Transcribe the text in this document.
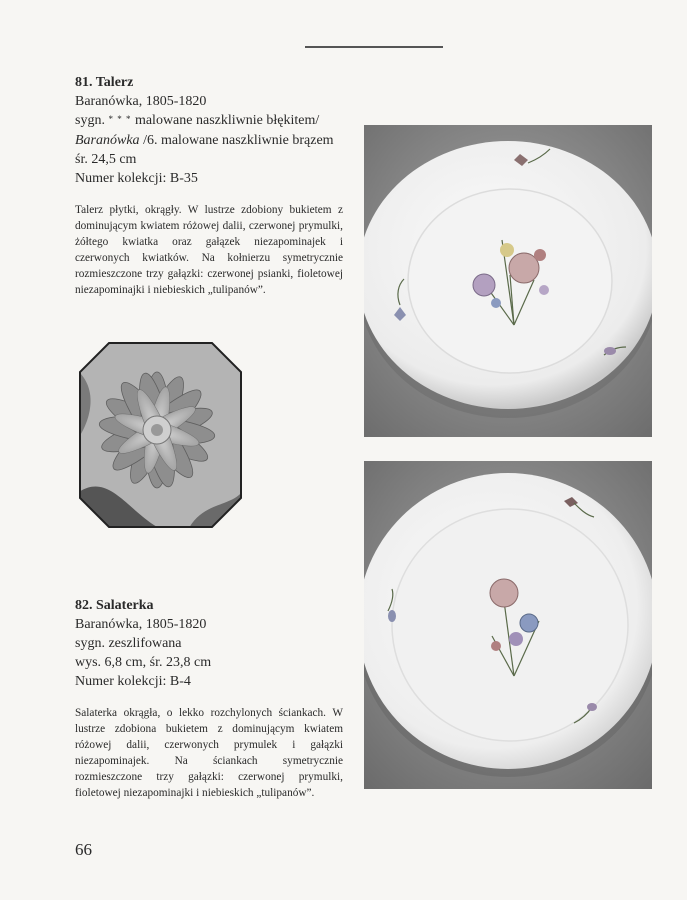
81. Talerz
Baranówka, 1805-1820
sygn. * * * malowane naszkliwnie błękitem/
Baranówka /6. malowane naszkliwnie brązem
śr. 24,5 cm
Numer kolekcji: B-35
Talerz płytki, okrągły. W lustrze zdobiony bukietem z dominującym kwiatem różowej dalii, czerwonej prymulki, żółtego kwiatka oraz gałązek niezapominajek i czerwonych kwiatków. Na kołnierzu symetrycznie rozmieszczone trzy gałązki: czerwonej psianki, fioletowej niezapominajki i niebieskich „tulipanów”.
82. Salaterka
Baranówka, 1805-1820
sygn. zeszlifowana
wys. 6,8 cm, śr. 23,8 cm
Numer kolekcji: B-4
Salaterka okrągła, o lekko rozchylonych ściankach. W lustrze zdobiona bukietem z dominującym kwiatem różowej dalii, czerwonych prymulek i gałązki niezapominajek. Na ściankach symetrycznie rozmieszczone trzy gałązki: czerwonej prymulki, fioletowej niezapominajki i niebieskich „tulipanów”.
66
